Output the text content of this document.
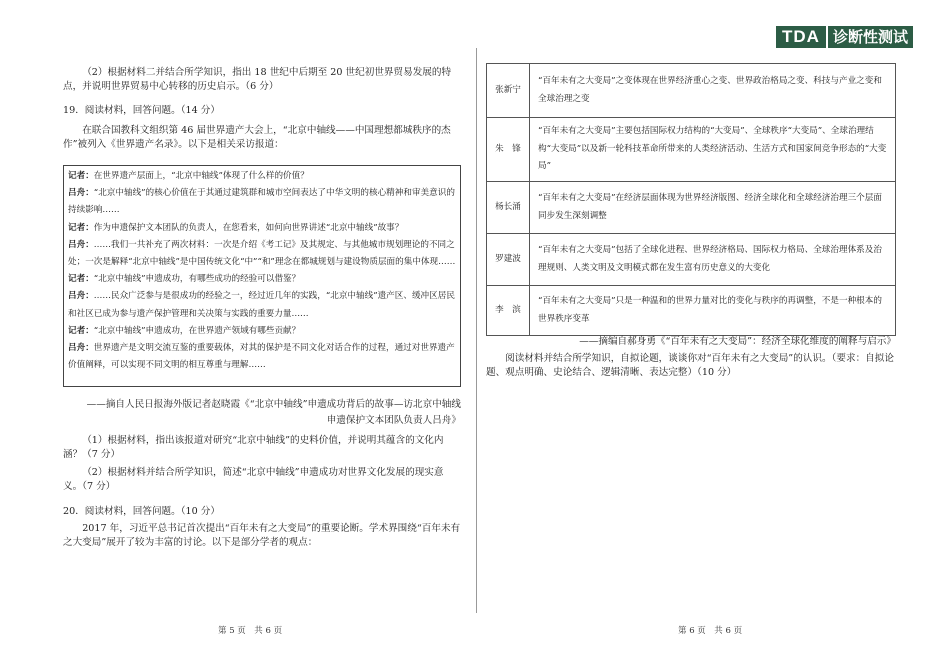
TDA 诊断性测试

（2）根据材料二并结合所学知识，指出 18 世纪中后期至 20 世纪初世界贸易发展的特点，并说明世界贸易中心转移的历史启示。（6 分）

19．阅读材料，回答问题。（14 分）

在联合国教科文组织第 46 届世界遗产大会上，“北京中轴线——中国理想都城秩序的杰作”被列入《世界遗产名录》。以下是相关采访报道：

记者：在世界遗产层面上，“北京中轴线”体现了什么样的价值？

吕舟：“北京中轴线”的核心价值在于其通过建筑群和城市空间表达了中华文明的核心精神和审美意识的持续影响……

记者：作为申遗保护文本团队的负责人，在您看来，如何向世界讲述“北京中轴线”故事？

吕舟：……我们一共补充了两次材料：一次是介绍《考工记》及其规定、与其他城市规划理论的不同之处；一次是解释“北京中轴线”是中国传统文化“中”“和”理念在都城规划与建设物质层面的集中体现……

记者：“北京中轴线”申遗成功，有哪些成功的经验可以借鉴？

吕舟：……民众广泛参与是很成功的经验之一，经过近几年的实践，“北京中轴线”遗产区、缓冲区居民和社区已成为参与遗产保护管理和关决策与实践的重要力量……

记者：“北京中轴线”申遗成功，在世界遗产领域有哪些贡献？

吕舟：世界遗产是文明交流互鉴的重要载体，对其的保护是不同文化对话合作的过程，通过对世界遗产价值阐释，可以实现不同文明的相互尊重与理解……

——摘自人民日报海外版记者赵晓霞《“北京中轴线”申遗成功背后的故事—访北京中轴线

申遗保护文本团队负责人吕舟》

（1）根据材料，指出该报道对研究“北京中轴线”的史料价值，并说明其蕴含的文化内涵？（7 分）

（2）根据材料并结合所学知识，简述“北京中轴线”申遗成功对世界文化发展的现实意义。（7 分）

20．阅读材料，回答问题。（10 分）

2017 年，习近平总书记首次提出“百年未有之大变局”的重要论断。学术界围绕“百年未有之大变局”展开了较为丰富的讨论。以下是部分学者的观点：

第 5 页　共 6 页
张新宁	“百年未有之大变局”之变体现在世界经济重心之变、世界政治格局之变、科技与产业之变和全球治理之变
朱　锋	“百年未有之大变局”主要包括国际权力结构的“大变局”、全球秩序“大变局”、全球治理结构“大变局”以及新一轮科技革命所带来的人类经济活动、生活方式和国家间竞争形态的“大变局”
杨长涌	“百年未有之大变局”在经济层面体现为世界经济版图、经济全球化和全球经济治理三个层面同步发生深刻调整
罗建波	“百年未有之大变局”包括了全球化进程、世界经济格局、国际权力格局、全球治理体系及治理规则、人类文明及文明模式都在发生富有历史意义的大变化
李　滨	“百年未有之大变局”只是一种温和的世界力量对比的变化与秩序的再调整，不是一种根本的世界秩序变革

——摘编自郝身勇《“百年未有之大变局”：经济全球化维度的阐释与启示》

阅读材料并结合所学知识，自拟论题，谈谈你对“百年未有之大变局”的认识。（要求：自拟论题、观点明确、史论结合、逻辑清晰、表达完整）（10 分）

第 6 页　共 6 页
